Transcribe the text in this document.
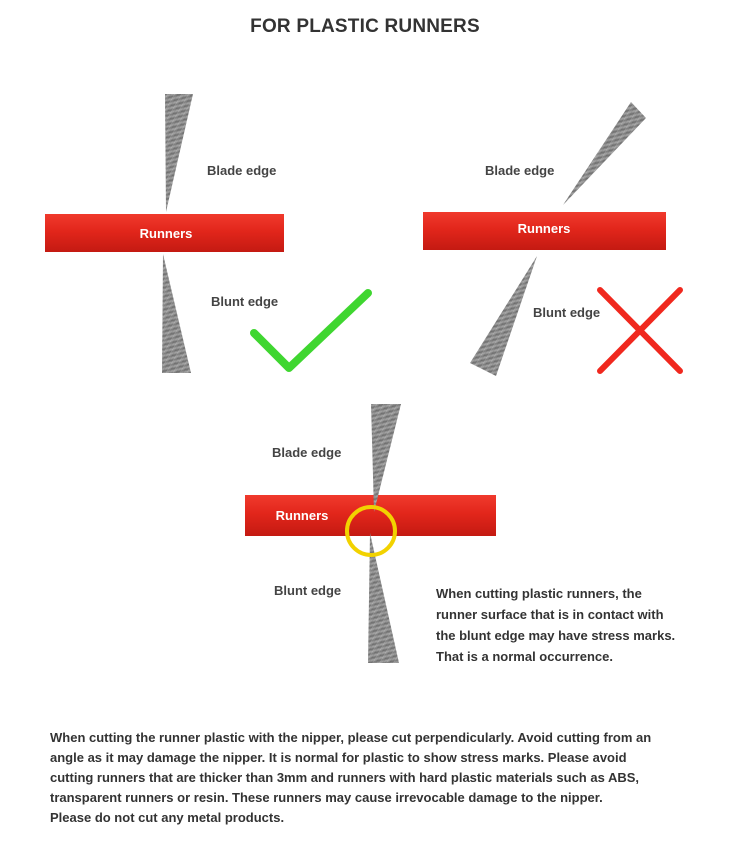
FOR PLASTIC RUNNERS
Blade edge
Runners
Blunt edge
Blade edge
Runners
Blunt edge
Blade edge
Runners
Blunt edge	When cutting plastic runners, the
runner surface that is in contact with
the blunt edge may have stress marks.
That is a normal occurrence.
When cutting the runner plastic with the nipper, please cut perpendicularly. Avoid cutting from an
angle as it may damage the nipper. It is normal for plastic to show stress marks. Please avoid
cutting runners that are thicker than 3mm and runners with hard plastic materials such as ABS,
transparent runners or resin. These runners may cause irrevocable damage to the nipper.
Please do not cut any metal products.
